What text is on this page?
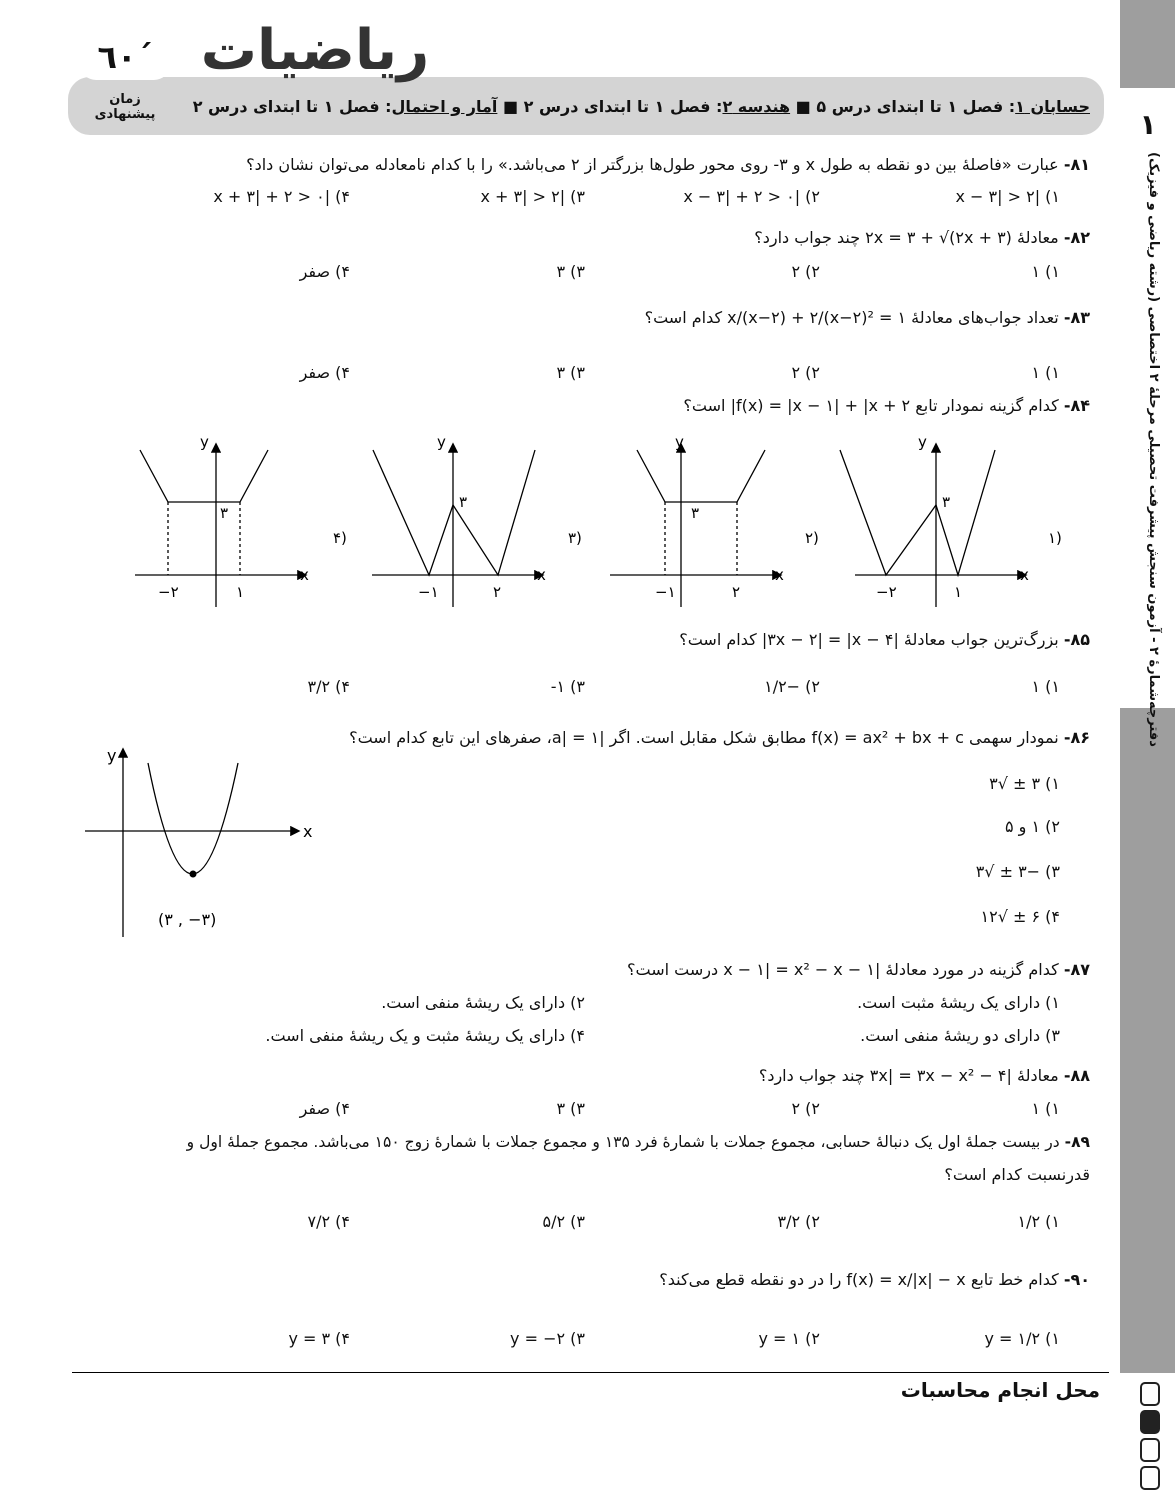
٦٠´
زمان پیشنهادی
ریاضیات
حسابان ۱: فصل ۱ تا ابتدای درس ۵ ■ هندسه ۲: فصل ۱ تا ابتدای درس ۲ ■ آمار و احتمال: فصل ۱ تا ابتدای درس ۲
۱
دفترچه‌شمارهٔ ۲ - آزمون سنجش پیشرفت تحصیلی مرحلهٔ ۲ اختصاصی (رشته ریاضی و فیزیک)
۸۱- عبارت «فاصلهٔ بین دو نقطه به طول x و ۳- روی محور طول‌ها بزرگتر از ۲ می‌باشد.» را با کدام نامعادله می‌توان نشان داد؟
۱) |x − ۳| > ۲
۲) |x − ۳| + ۲ > ۰
۳) |x + ۳| > ۲
۴) |x + ۳| + ۲ > ۰
۸۲- معادلهٔ ۲x = ۳ + √(۲x + ۳) چند جواب دارد؟
۱) ۱
۲) ۲
۳) ۳
۴) صفر
۸۳- تعداد جواب‌های معادلهٔ ۱ = x/(x−۲) + ۲/(x−۲)² کدام است؟
۱) ۱
۲) ۲
۳) ۳
۴) صفر
۸۴- کدام گزینه نمودار تابع f(x) = |x − ۱| + |x + ۲| است؟
x
y
−۲	۱
۳
۱)
x
y
−۱	۲
۳
۲)
x
y
−۱	۲
۳
۳)
x
y
−۲	۱
۳
۴)
۸۵- بزرگ‌ترین جواب معادلهٔ |۳x − ۲| = |x − ۴| کدام است؟
۱) ۱
۲) −۱/۲
۳) ۱-
۴) ۳/۲
۸۶- نمودار سهمی f(x) = ax² + bx + c مطابق شکل مقابل است. اگر |a| = ۱، صفرهای این تابع کدام است؟
۱) ۳ ± √۳
۲) ۱ و ۵
۳) −۳ ± √۳
۴) ۶ ± √۱۲
x
y
(۳ , −۳)
۸۷- کدام گزینه در مورد معادلهٔ |x − ۱| = x² − x − ۱ درست است؟
۱) دارای یک ریشهٔ مثبت است.
۲) دارای یک ریشهٔ منفی است.
۳) دارای دو ریشهٔ منفی است.
۴) دارای یک ریشهٔ مثبت و یک ریشهٔ منفی است.
۸۸- معادلهٔ |۳x| = ۳x − x² − ۴ چند جواب دارد؟
۱) ۱
۲) ۲
۳) ۳
۴) صفر
۸۹- در بیست جملهٔ اول یک دنبالهٔ حسابی، مجموع جملات با شمارهٔ فرد ۱۳۵ و مجموع جملات با شمارهٔ زوج ۱۵۰ می‌باشد. مجموع جملهٔ اول و
قدرنسبت کدام است؟
۱) ۱/۲
۲) ۳/۲
۳) ۵/۲
۴) ۷/۲
۹۰- کدام خط تابع f(x) = x/|x| − x را در دو نقطه قطع می‌کند؟
۱) y = ۱/۲
۲) y = ۱
۳) y = −۲
۴) y = ۳
محل انجام محاسبات
